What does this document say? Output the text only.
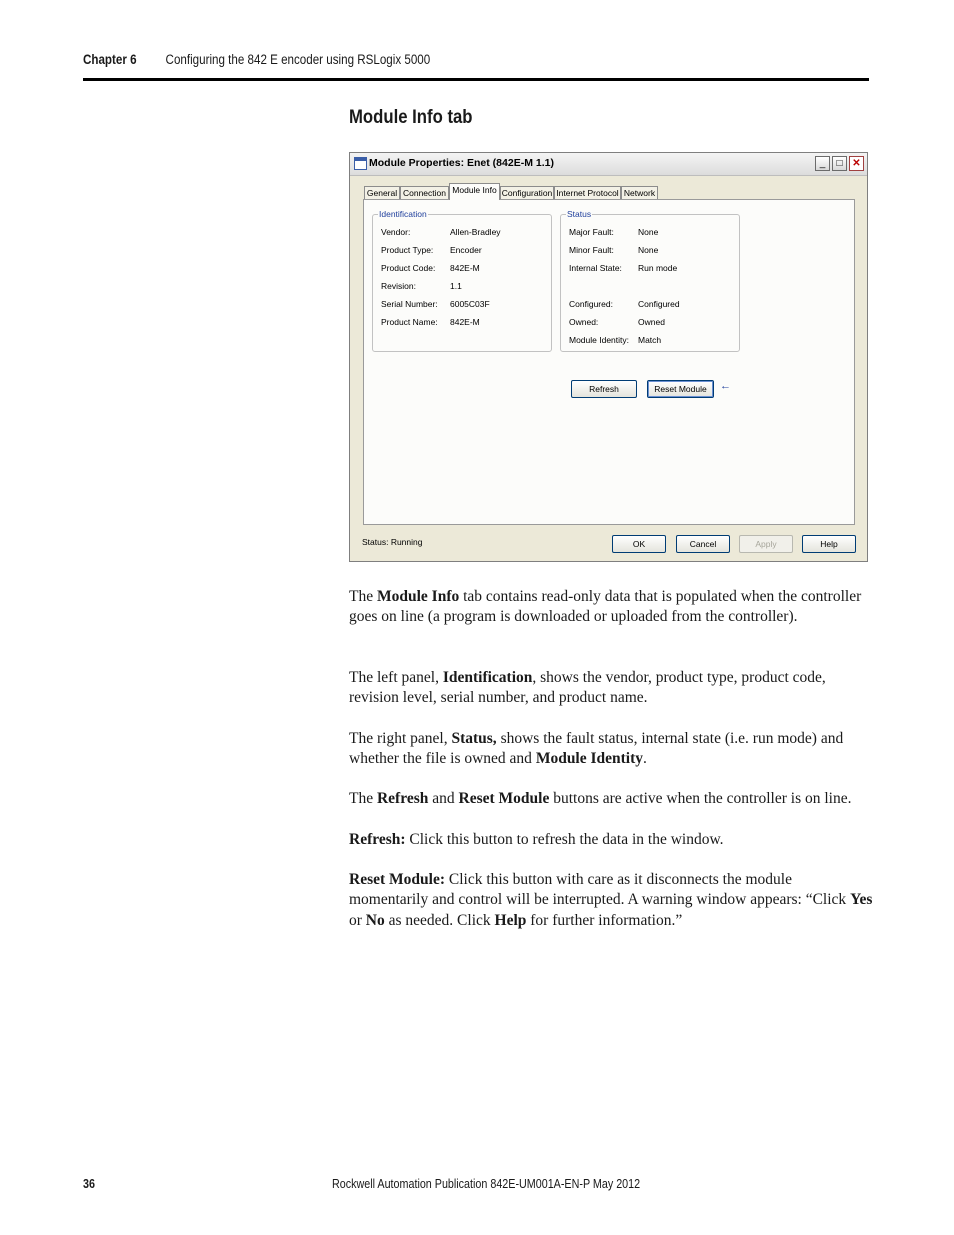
Chapter 6 Configuring the 842 E encoder using RSLogix 5000
Module Info tab
Module Properties: Enet (842E-M 1.1)	_	□ ✕
General Connection Module Info Configuration Internet Protocol Network
Identification
Vendor:	Allen-Bradley
Product Type: Encoder
Product Code: 842E-M
Revision:	1.1
Serial Number: 6005C03F
Product Name: 842E-M
Status
Major Fault:	None
Minor Fault:	None
Internal State: Run mode
Configured:	Configured
Owned:	Owned
Module Identity: Match
Refresh	Reset Module	←
Status: Running	OK	Cancel	Apply	Help
The Module Info tab contains read-only data that is populated when the controller goes on line (a program is downloaded or uploaded from the controller).
The left panel, Identification, shows the vendor, product type, product code, revision level, serial number, and product name.
The right panel, Status, shows the fault status, internal state (i.e. run mode) and whether the file is owned and Module Identity.
The Refresh and Reset Module buttons are active when the controller is on line.
Refresh: Click this button to refresh the data in the window.
Reset Module: Click this button with care as it disconnects the module momentarily and control will be interrupted. A warning window appears: “Click Yes or No as needed. Click Help for further information.”
36	Rockwell Automation Publication 842E-UM001A-EN-P May 2012
